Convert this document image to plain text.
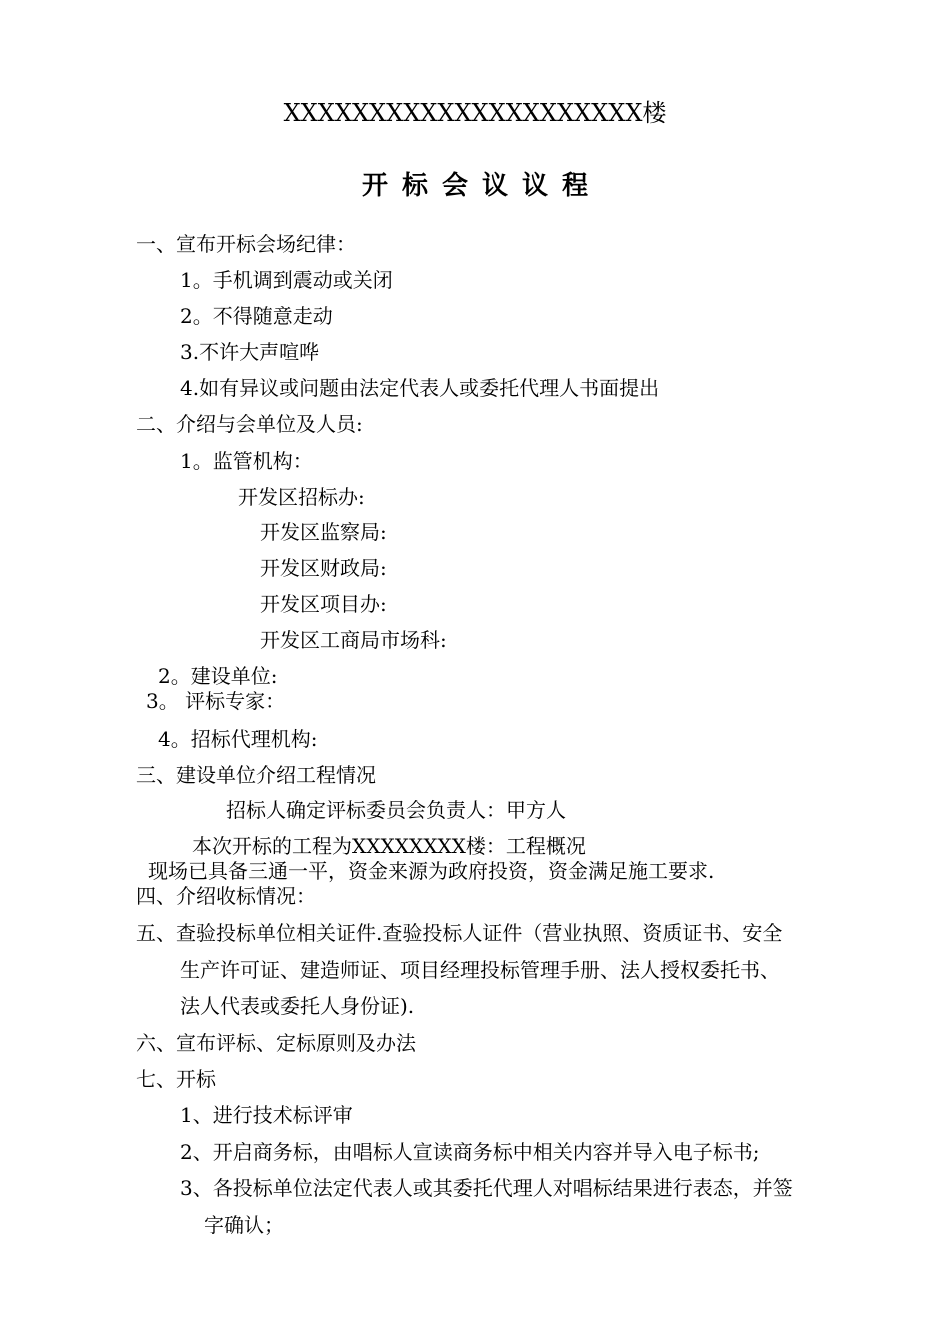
XXXXXXXXXXXXXXXXXXXXX楼
开标会议议程
一、宣布开标会场纪律：
1。手机调到震动或关闭
2。不得随意走动
3.不许大声喧哗
4.如有异议或问题由法定代表人或委托代理人书面提出
二、介绍与会单位及人员:
1。监管机构：
开发区招标办:
开发区监察局:
开发区财政局:
开发区项目办:
开发区工商局市场科:
2。建设单位:
3。 评标专家：
4。招标代理机构:
三、建设单位介绍工程情况
招标人确定评标委员会负责人：甲方人
本次开标的工程为XXXXXXXX楼：工程概况
现场已具备三通一平，资金来源为政府投资，资金满足施工要求.
四、介绍收标情况：
五、查验投标单位相关证件.查验投标人证件（营业执照、资质证书、安全
生产许可证、建造师证、项目经理投标管理手册、法人授权委托书、
法人代表或委托人身份证).
六、宣布评标、定标原则及办法
七、开标
1、进行技术标评审
2、开启商务标，由唱标人宣读商务标中相关内容并导入电子标书;
3、各投标单位法定代表人或其委托代理人对唱标结果进行表态，并签
字确认；
